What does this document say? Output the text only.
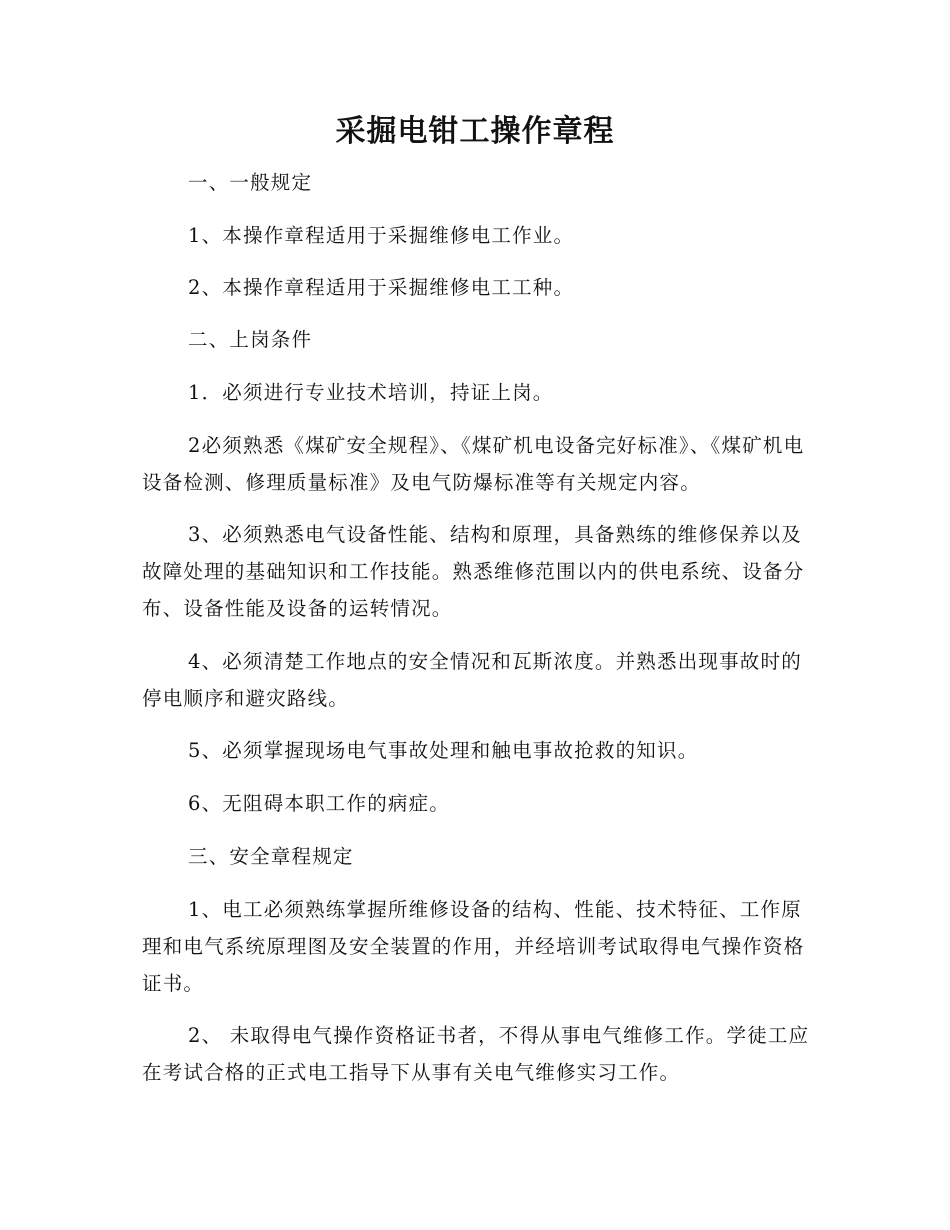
采掘电钳工操作章程

一、一般规定

1、本操作章程适用于采掘维修电工作业。

2、本操作章程适用于采掘维修电工工种。

二、上岗条件

1．必须进行专业技术培训，持证上岗。

2必须熟悉《煤矿安全规程》、《煤矿机电设备完好标准》、《煤矿机电设备检测、修理质量标准》及电气防爆标准等有关规定内容。

3、必须熟悉电气设备性能、结构和原理，具备熟练的维修保养以及故障处理的基础知识和工作技能。熟悉维修范围以内的供电系统、设备分布、设备性能及设备的运转情况。

4、必须清楚工作地点的安全情况和瓦斯浓度。并熟悉出现事故时的停电顺序和避灾路线。

5、必须掌握现场电气事故处理和触电事故抢救的知识。

6、无阻碍本职工作的病症。

三、安全章程规定

1、电工必须熟练掌握所维修设备的结构、性能、技术特征、工作原理和电气系统原理图及安全装置的作用，并经培训考试取得电气操作资格证书。

2、 未取得电气操作资格证书者，不得从事电气维修工作。学徒工应在考试合格的正式电工指导下从事有关电气维修实习工作。
